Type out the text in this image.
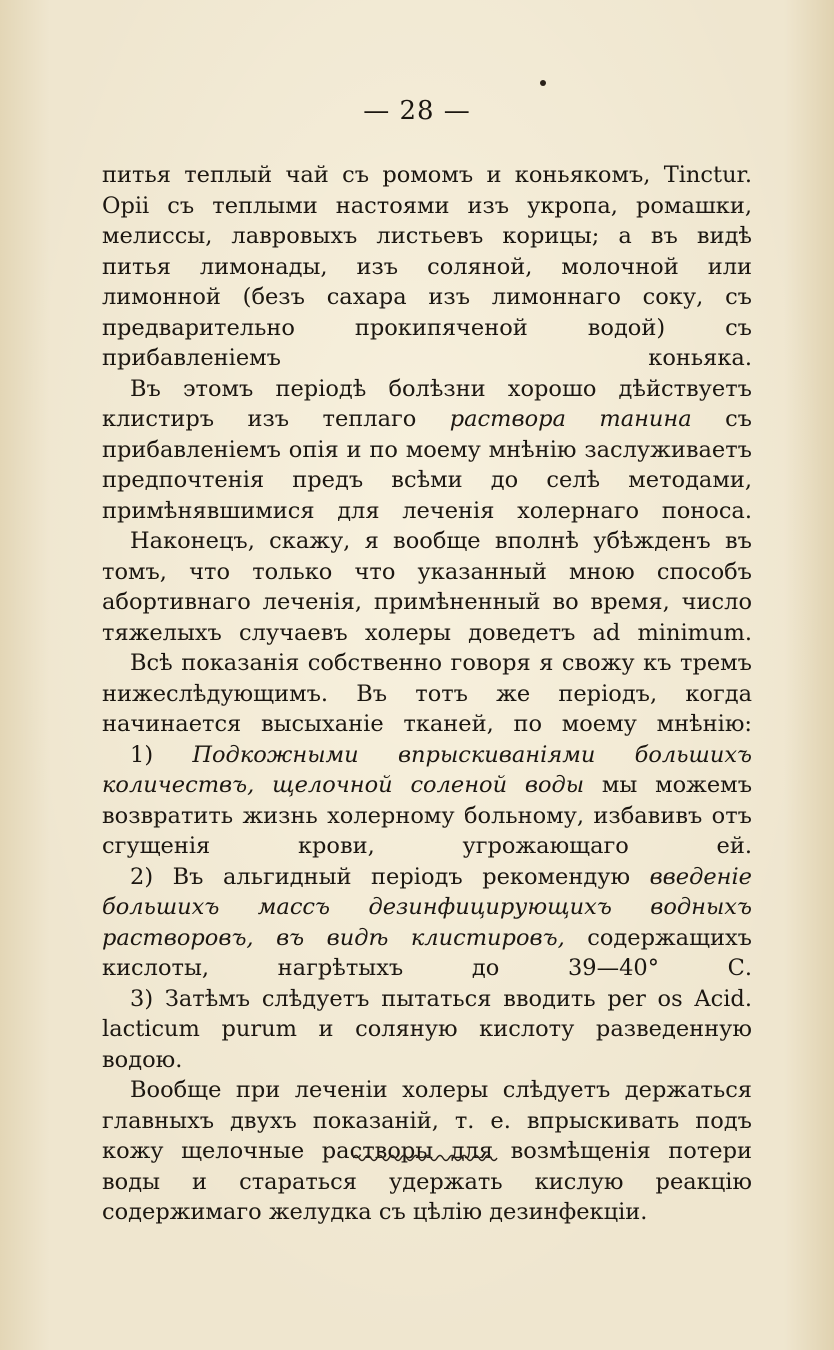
— 28 —

питья теплый чай съ ромомъ и коньякомъ, Tinctur. Opii съ теплыми настоями изъ укропа, ромашки, мелиссы, лавровыхъ листьевъ корицы; а въ видѣ питья лимонады, изъ соляной, молочной или лимонной (безъ сахара изъ лимоннаго соку, съ предварительно прокипяченой водой) съ прибавленіемъ коньяка.

Въ этомъ періодѣ болѣзни хорошо дѣйствуетъ клистиръ изъ теплаго раствора танина съ прибавленіемъ опія и по моему мнѣнію заслуживаетъ предпочтенія предъ всѣми до селѣ методами, примѣнявшимися для леченія холернаго поноса.

Наконецъ, скажу, я вообще вполнѣ убѣжденъ въ томъ, что только что указанный мною способъ абортивнаго леченія, примѣненный во время, число тяжелыхъ случаевъ холеры доведетъ ad minimum.

Всѣ показанія собственно говоря я свожу къ тремъ нижеслѣдующимъ. Въ тотъ же періодъ, когда начинается высыханіе тканей, по моему мнѣнію:

1) Подкожными впрыскиваніями большихъ количествъ, щелочной соленой воды мы можемъ возвратить жизнь холерному больному, избавивъ отъ сгущенія крови, угрожающаго ей.

2) Въ альгидный періодъ рекомендую введеніе большихъ массъ дезинфицирующихъ водныхъ растворовъ, въ видѣ клистировъ, содержащихъ кислоты, нагрѣтыхъ до 39—40° С.

3) Затѣмъ слѣдуетъ пытаться вводить per os Acid. lacticum purum и соляную кислоту разведенную водою.

Вообще при леченіи холеры слѣдуетъ держаться главныхъ двухъ показаній, т. е. впрыскивать подъ кожу щелочные растворы для возмѣщенія потери воды и стараться удержать кислую реакцію содержимаго желудка съ цѣлію дезинфекціи.
